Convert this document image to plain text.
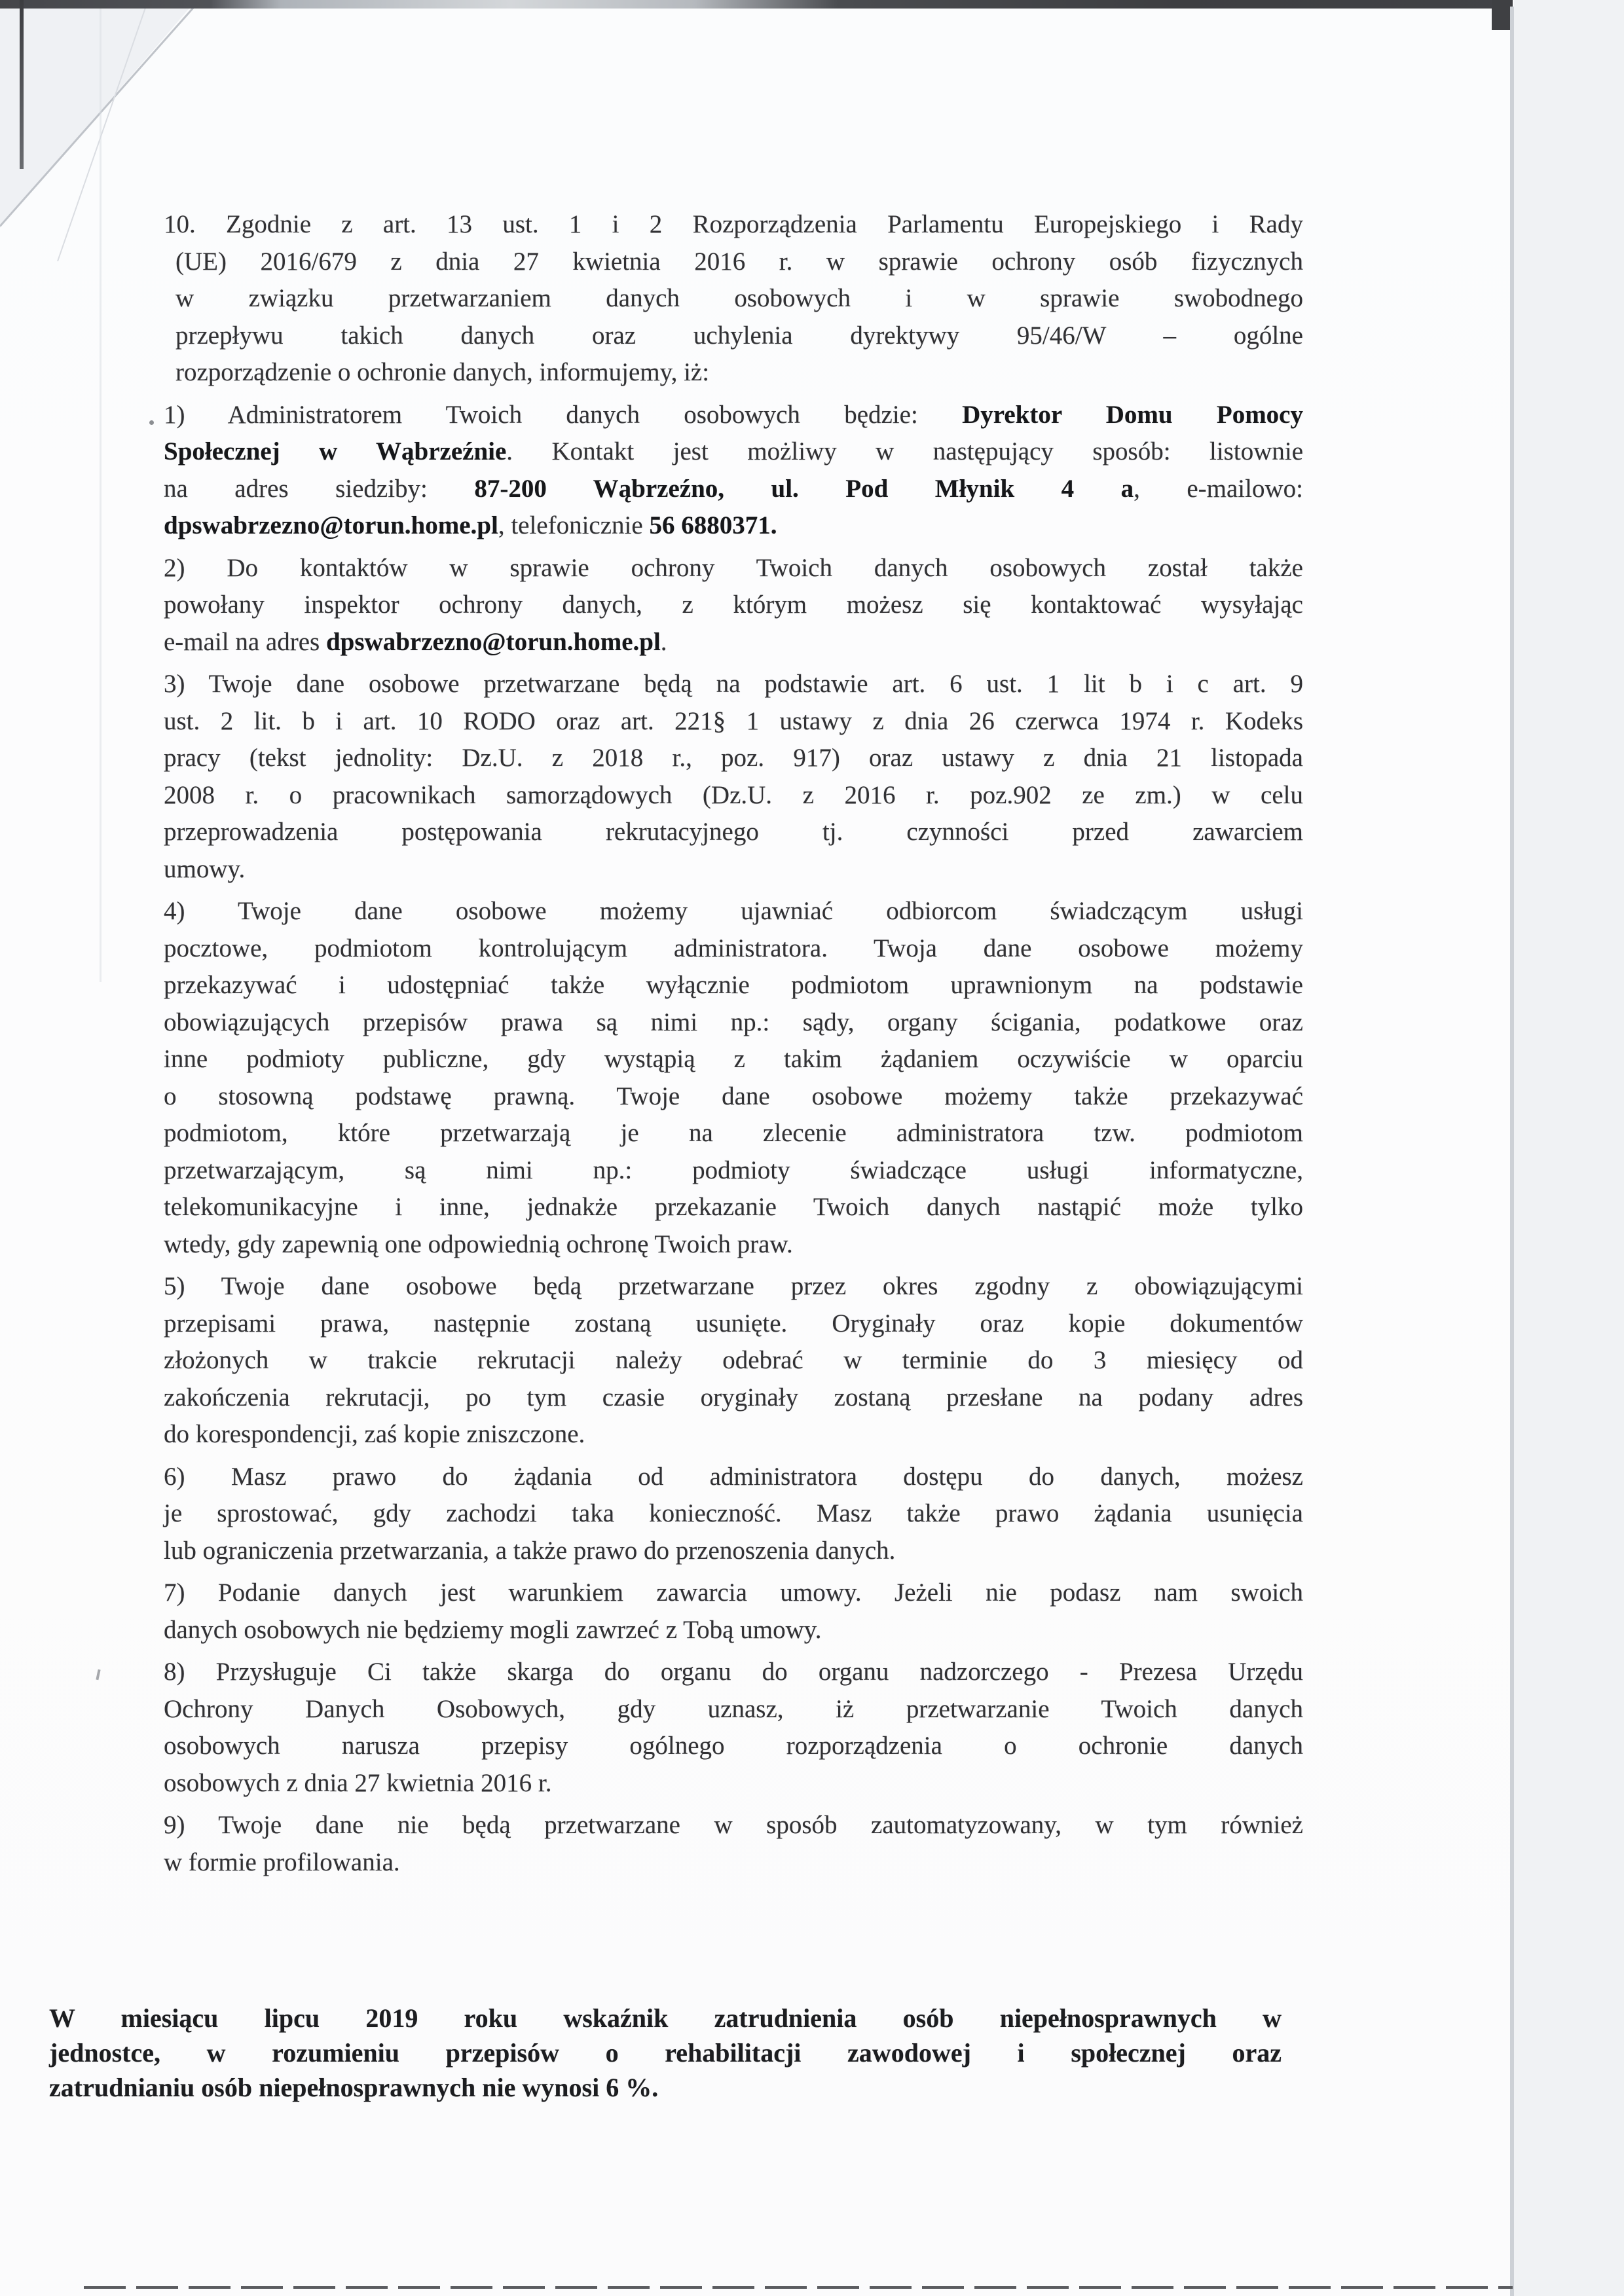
10. Zgodnie z art. 13 ust. 1 i 2 Rozporządzenia Parlamentu Europejskiego i Rady
(UE) 2016/679 z dnia 27 kwietnia 2016 r. w sprawie ochrony osób fizycznych
w związku przetwarzaniem danych osobowych i w sprawie swobodnego
przepływu takich danych oraz uchylenia dyrektywy 95/46/W – ogólne
rozporządzenie o ochronie danych, informujemy, iż:
1) Administratorem Twoich danych osobowych będzie: Dyrektor Domu Pomocy
Społecznej w Wąbrzeźnie. Kontakt jest możliwy w następujący sposób: listownie
na adres siedziby: 87-200 Wąbrzeźno, ul. Pod Młynik 4 a, e-mailowo:
dpswabrzezno@torun.home.pl, telefonicznie 56 6880371.
2) Do kontaktów w sprawie ochrony Twoich danych osobowych został także
powołany inspektor ochrony danych, z którym możesz się kontaktować wysyłając
e-mail na adres dpswabrzezno@torun.home.pl.
3) Twoje dane osobowe przetwarzane będą na podstawie art. 6 ust. 1 lit b i c art. 9
ust. 2 lit. b i art. 10 RODO oraz art. 221§ 1 ustawy z dnia 26 czerwca 1974 r. Kodeks
pracy (tekst jednolity: Dz.U. z 2018 r., poz. 917) oraz ustawy z dnia 21 listopada
2008 r. o pracownikach samorządowych (Dz.U. z 2016 r. poz.902 ze zm.) w celu
przeprowadzenia postępowania rekrutacyjnego tj. czynności przed zawarciem
umowy.
4) Twoje dane osobowe możemy ujawniać odbiorcom świadczącym usługi
pocztowe, podmiotom kontrolującym administratora. Twoja dane osobowe możemy
przekazywać i udostępniać także wyłącznie podmiotom uprawnionym na podstawie
obowiązujących przepisów prawa są nimi np.: sądy, organy ścigania, podatkowe oraz
inne podmioty publiczne, gdy wystąpią z takim żądaniem oczywiście w oparciu
o stosowną podstawę prawną. Twoje dane osobowe możemy także przekazywać
podmiotom, które przetwarzają je na zlecenie administratora tzw. podmiotom
przetwarzającym, są nimi np.: podmioty świadczące usługi informatyczne,
telekomunikacyjne i inne, jednakże przekazanie Twoich danych nastąpić może tylko
wtedy, gdy zapewnią one odpowiednią ochronę Twoich praw.
5) Twoje dane osobowe będą przetwarzane przez okres zgodny z obowiązującymi
przepisami prawa, następnie zostaną usunięte. Oryginały oraz kopie dokumentów
złożonych w trakcie rekrutacji należy odebrać w terminie do 3 miesięcy od
zakończenia rekrutacji, po tym czasie oryginały zostaną przesłane na podany adres
do korespondencji, zaś kopie zniszczone.
6) Masz prawo do żądania od administratora dostępu do danych, możesz
je sprostować, gdy zachodzi taka konieczność. Masz także prawo żądania usunięcia
lub ograniczenia przetwarzania, a także prawo do przenoszenia danych.
7) Podanie danych jest warunkiem zawarcia umowy. Jeżeli nie podasz nam swoich
danych osobowych nie będziemy mogli zawrzeć z Tobą umowy.
8) Przysługuje Ci także skarga do organu do organu nadzorczego - Prezesa Urzędu
Ochrony Danych Osobowych, gdy uznasz, iż przetwarzanie Twoich danych
osobowych narusza przepisy ogólnego rozporządzenia o ochronie danych
osobowych z dnia 27 kwietnia 2016 r.
9) Twoje dane nie będą przetwarzane w sposób zautomatyzowany, w tym również
w formie profilowania.
W miesiącu lipcu 2019 roku wskaźnik zatrudnienia osób niepełnosprawnych w
jednostce, w rozumieniu przepisów o rehabilitacji zawodowej i społecznej oraz
zatrudnianiu osób niepełnosprawnych nie wynosi 6 %.
